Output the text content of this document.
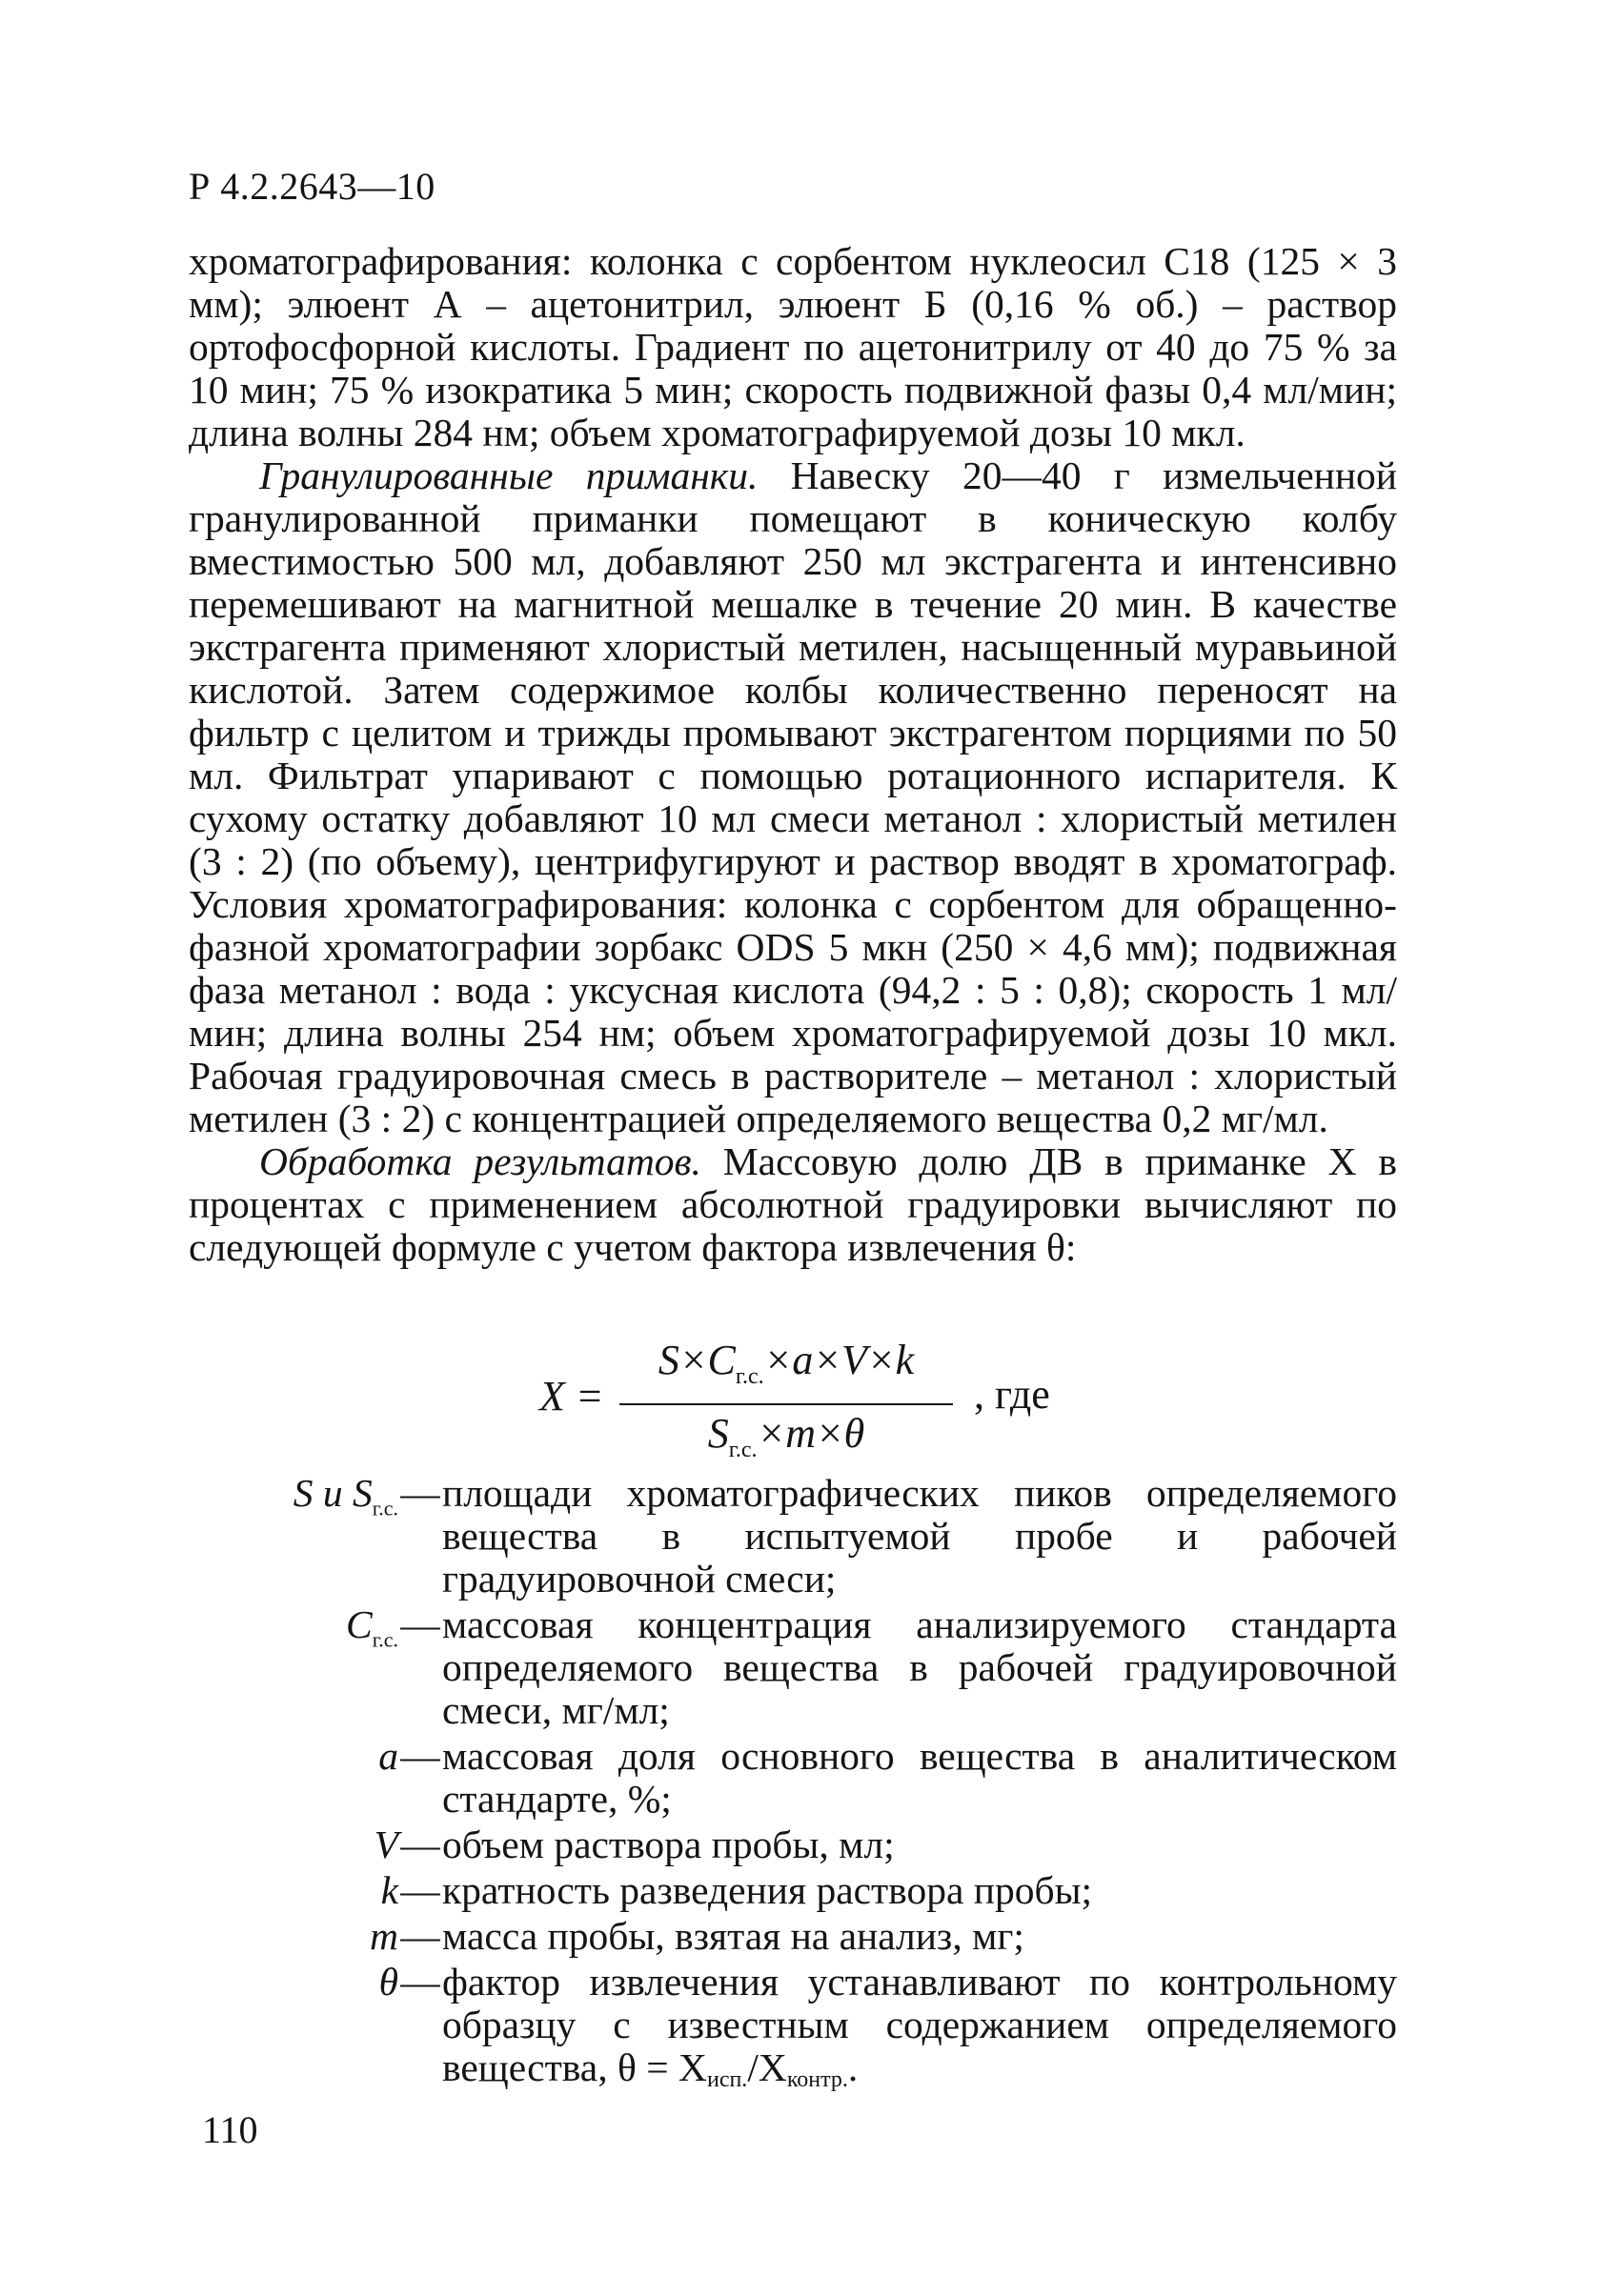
Р 4.2.2643—10

хроматографирования: колонка с сорбентом нуклеосил С18 (125 × 3 мм); элюент А – ацетонитрил, элюент Б (0,16 % об.) – раствор ортофосфорной кислоты. Градиент по ацетонитрилу от 40 до 75 % за 10 мин; 75 % изократика 5 мин; скорость подвижной фазы 0,4 мл/мин; длина волны 284 нм; объем хроматографируемой дозы 10 мкл.

Гранулированные приманки. Навеску 20—40 г измельченной гранулированной приманки помещают в коническую колбу вместимостью 500 мл, добавляют 250 мл экстрагента и интенсивно перемешивают на магнитной мешалке в течение 20 мин. В качестве экстрагента применяют хлористый метилен, насыщенный муравьиной кислотой. Затем содержимое колбы количественно переносят на фильтр с целитом и трижды промывают экстрагентом порциями по 50 мл. Фильтрат упаривают с помощью ротационного испарителя. К сухому остатку добавляют 10 мл смеси метанол : хлористый метилен (3 : 2) (по объему), центрифугируют и раствор вводят в хроматограф. Условия хроматографирования: колонка с сорбентом для обращенно-фазной хроматографии зорбакс ODS 5 мкн (250 × 4,6 мм); подвижная фаза метанол : вода : уксусная кислота (94,2 : 5 : 0,8); скорость 1 мл/мин; длина волны 254 нм; объем хроматографируемой дозы 10 мкл. Рабочая градуировочная смесь в растворителе – метанол : хлористый метилен (3 : 2) с концентрацией определяемого вещества 0,2 мг/мл.

Обработка результатов. Массовую долю ДВ в приманке X в процентах с применением абсолютной градуировки вычисляют по следующей формуле с учетом фактора извлечения θ:

X =
$S\times C_{г.с.}\times a\times V\times k$
$S_{г.с.}\times m\times\theta$
, где
S и $S_{г.с.}$ — площади хроматографических пиков определяемого вещества в испытуемой пробе и рабочей градуировочной смеси;
$C_{г.с.}$ — массовая концентрация анализируемого стандарта определяемого вещества в рабочей градуировочной смеси, мг/мл;
a — массовая доля основного вещества в аналитическом стандарте, %;
V — объем раствора пробы, мл;
k — кратность разведения раствора пробы;
m — масса пробы, взятая на анализ, мг;
θ — фактор извлечения устанавливают по контрольному образцу с известным содержанием определяемого вещества, θ = Xисп./Xконтр..
110
